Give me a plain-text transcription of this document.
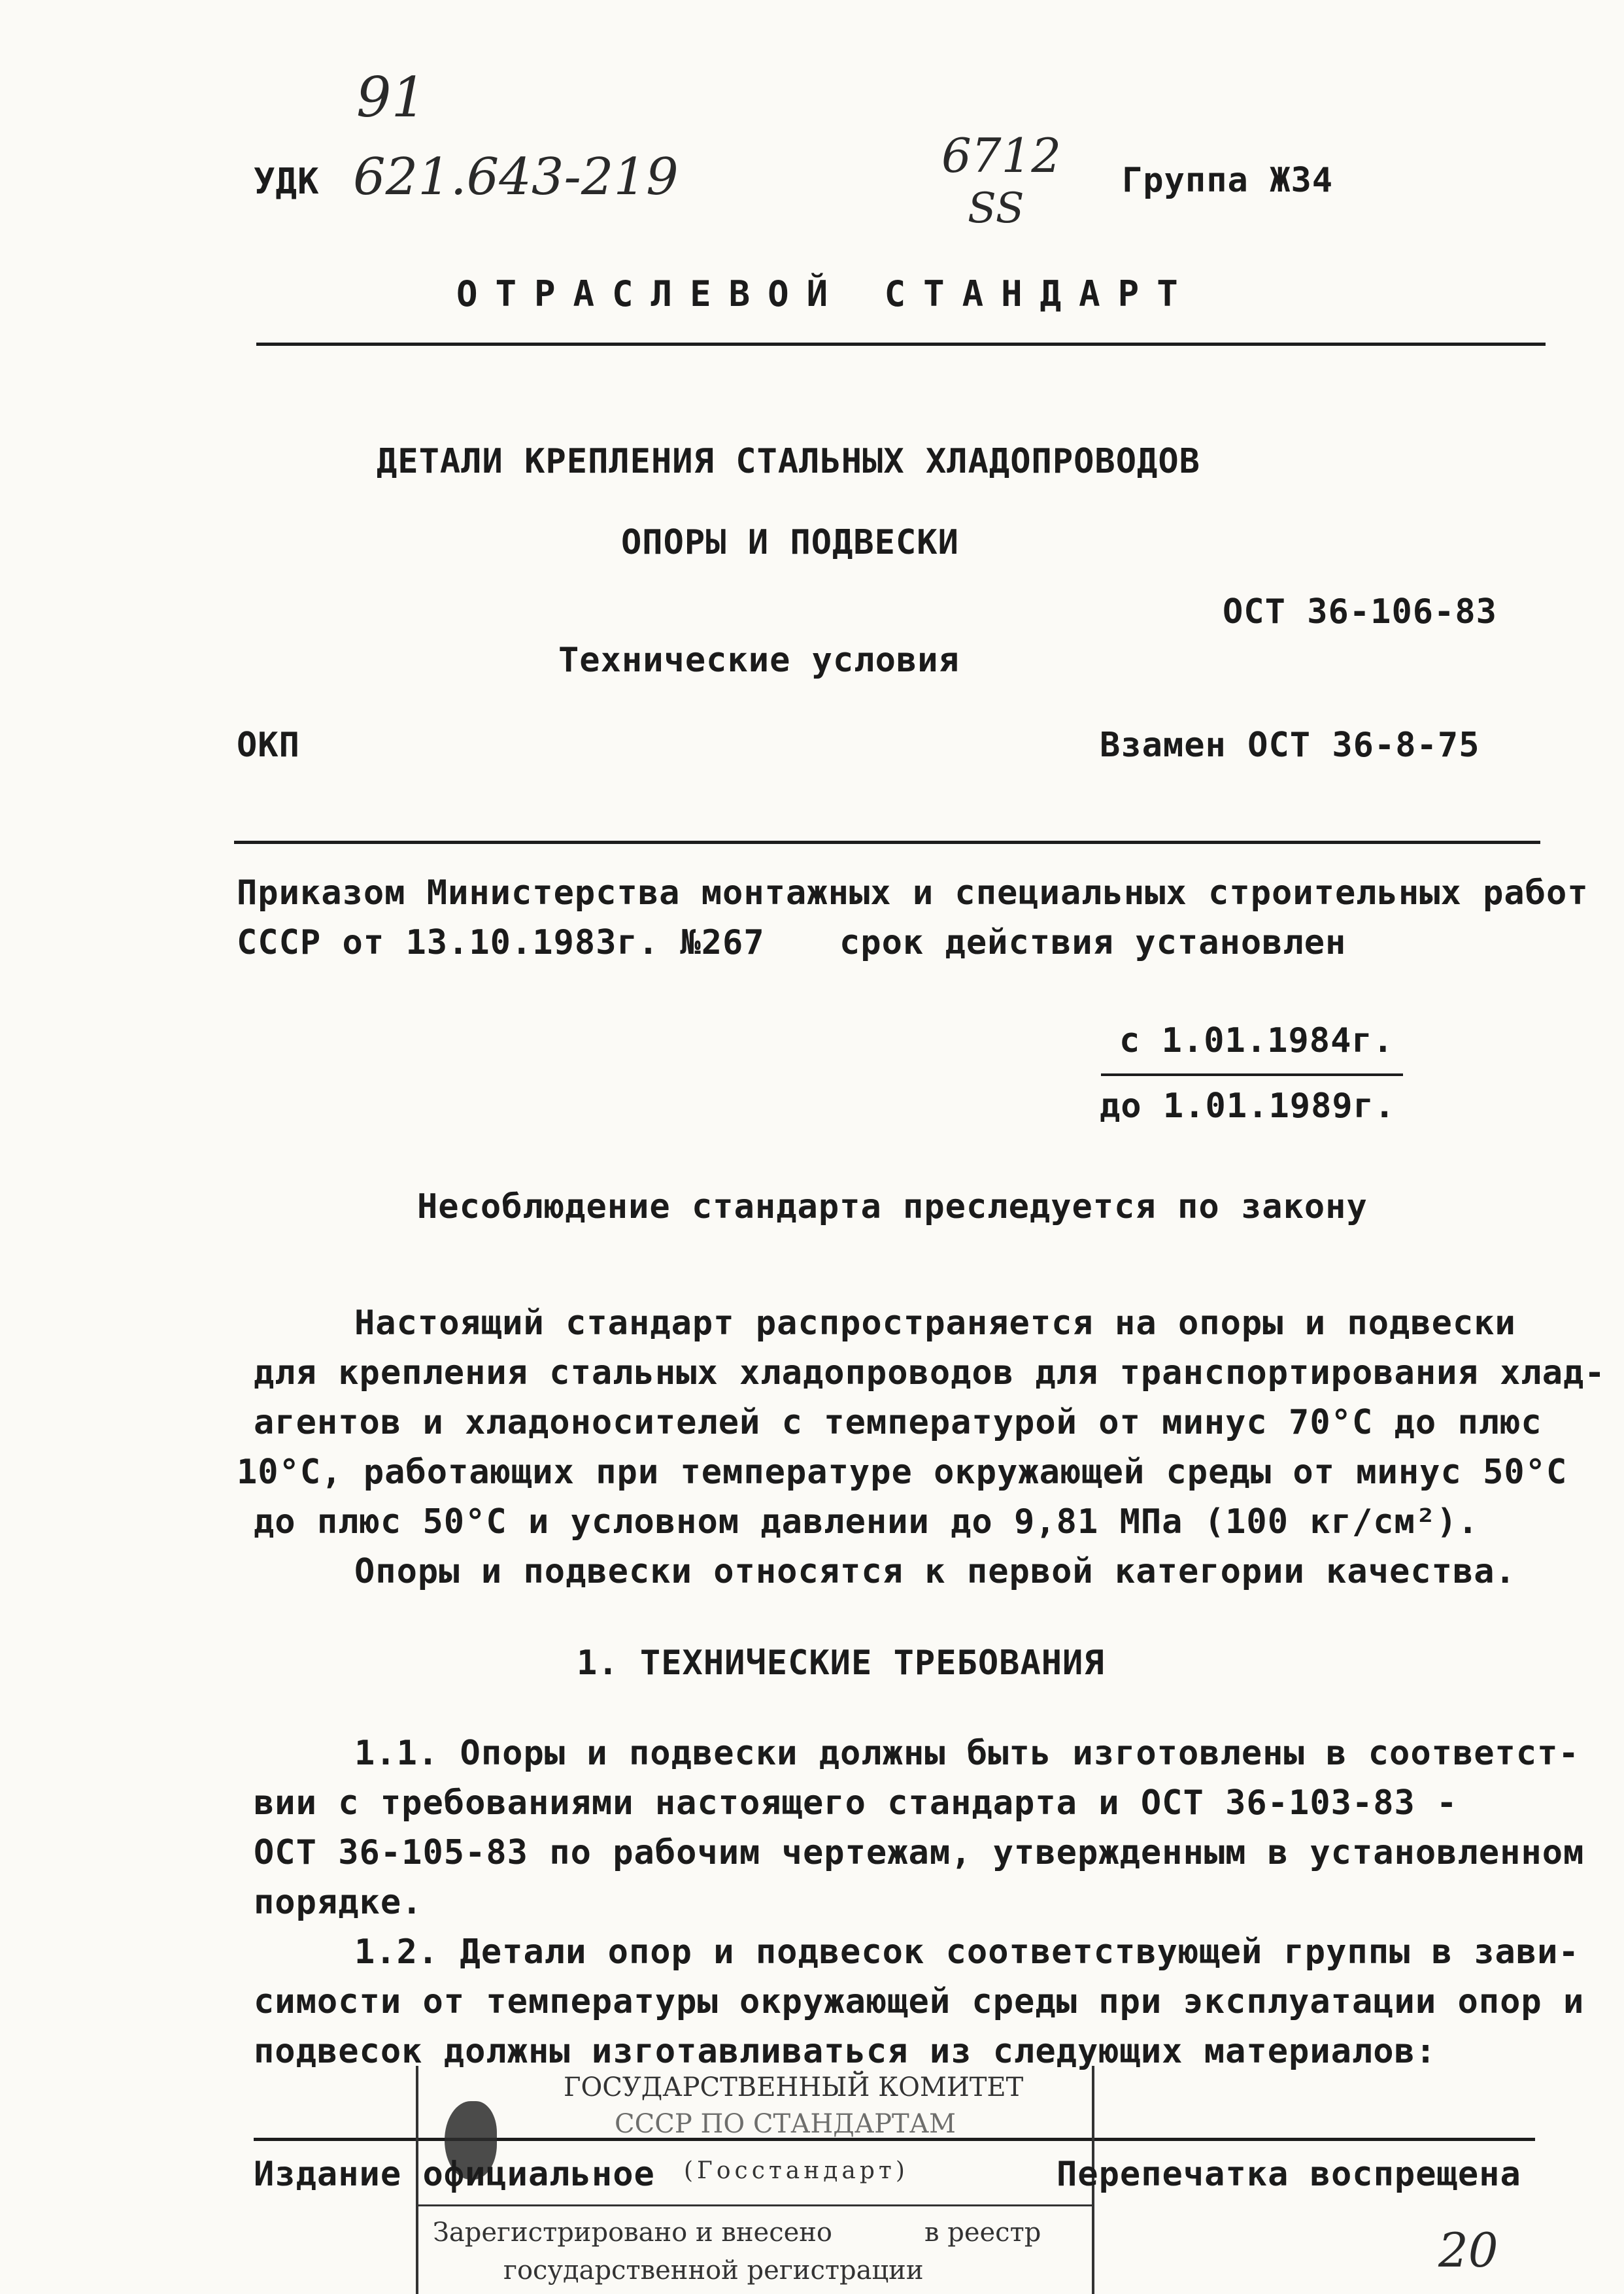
91
УДК 621.643-219	6712
SS
Группа Ж34
ОТРАСЛЕВОЙ СТАНДАРТ
ДЕТАЛИ КРЕПЛЕНИЯ СТАЛЬНЫХ ХЛАДОПРОВОДОВ
ОПОРЫ И ПОДВЕСКИ
ОСТ 36-106-83
Технические условия
ОКП	Взамен ОСТ 36-8-75
Приказом Министерства монтажных и специальных строительных работ
СССР от 13.10.1983г. №267 срок действия установлен
с 1.01.1984г.
до 1.01.1989г.
Несоблюдение стандарта преследуется по закону
Настоящий стандарт распространяется на опоры и подвески
для крепления стальных хладопроводов для транспортирования хлад-
агентов и хладоносителей с температурой от минус 70°С до плюс
10°С, работающих при температуре окружающей среды от минус 50°С
до плюс 50°С и условном давлении до 9,81 МПа (100 кг/см²).
Опоры и подвески относятся к первой категории качества.
1. ТЕХНИЧЕСКИЕ ТРЕБОВАНИЯ
1.1. Опоры и подвески должны быть изготовлены в соответст-
вии с требованиями настоящего стандарта и ОСТ 36-103-83 -
ОСТ 36-105-83 по рабочим чертежам, утвержденным в установленном
порядке.
1.2. Детали опор и подвесок соответствующей группы в зави-
симости от температуры окружающей среды при эксплуатации опор и
подвесок должны изготавливаться из следующих материалов:
ГОСУДАРСТВЕННЫЙ КОМИТЕТ
СССР ПО СТАНДАРТАМ
(Госстандарт)
Зарегистрировано и внесено	в реестр
государственной регистрации
Издание официальное	Перепечатка воспрещена
20
